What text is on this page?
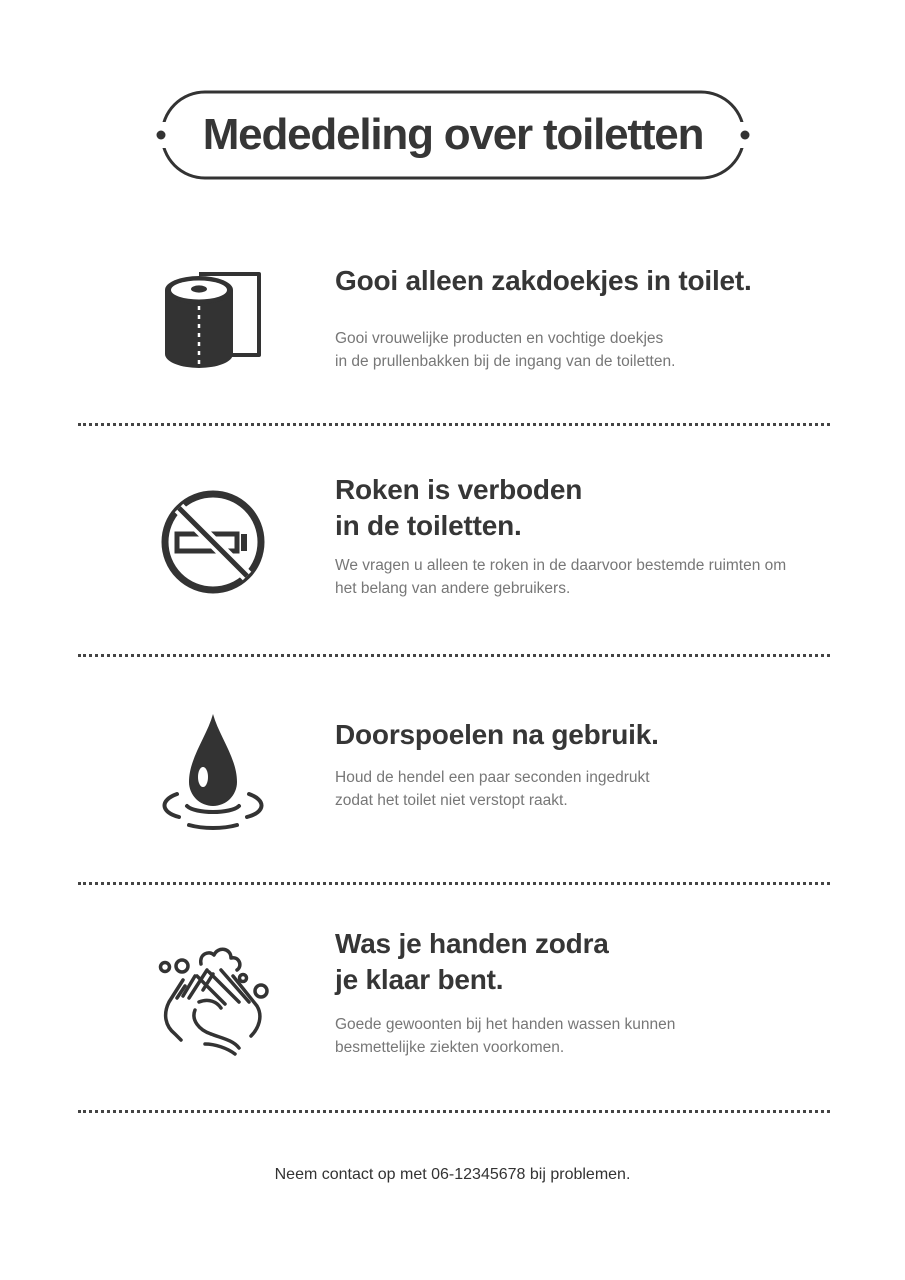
Mededeling over toiletten
Gooi alleen zakdoekjes in toilet.

Gooi vrouwelijke producten en vochtige doekjes
in de prullenbakken bij de ingang van de toiletten.

Roken is verboden
in de toiletten.

We vragen u alleen te roken in de daarvoor bestemde ruimten om
het belang van andere gebruikers.

Doorspoelen na gebruik.

Houd de hendel een paar seconden ingedrukt
zodat het toilet niet verstopt raakt.

Was je handen zodra
je klaar bent.

Goede gewoonten bij het handen wassen kunnen
besmettelijke ziekten voorkomen.

Neem contact op met 06-12345678 bij problemen.
